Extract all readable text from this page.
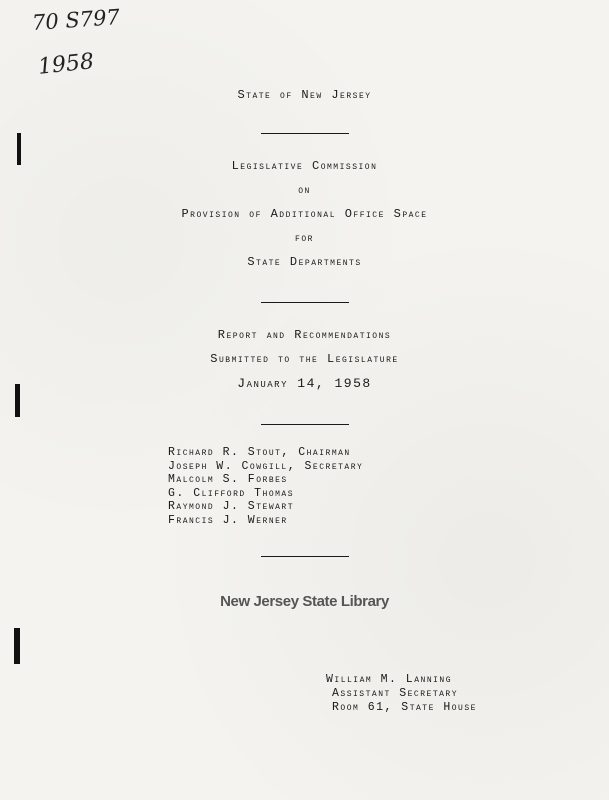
70 S797
1958
State of New Jersey
Legislative Commission
on
Provision of Additional Office Space
for
State Departments
Report and Recommendations
Submitted to the Legislature
January 14, 1958
Richard R. Stout, Chairman
Joseph W. Cowgill, Secretary
Malcolm S. Forbes
G. Clifford Thomas
Raymond J. Stewart
Francis J. Werner
New Jersey State Library
William M. Lanning
Assistant Secretary
Room 61, State House
